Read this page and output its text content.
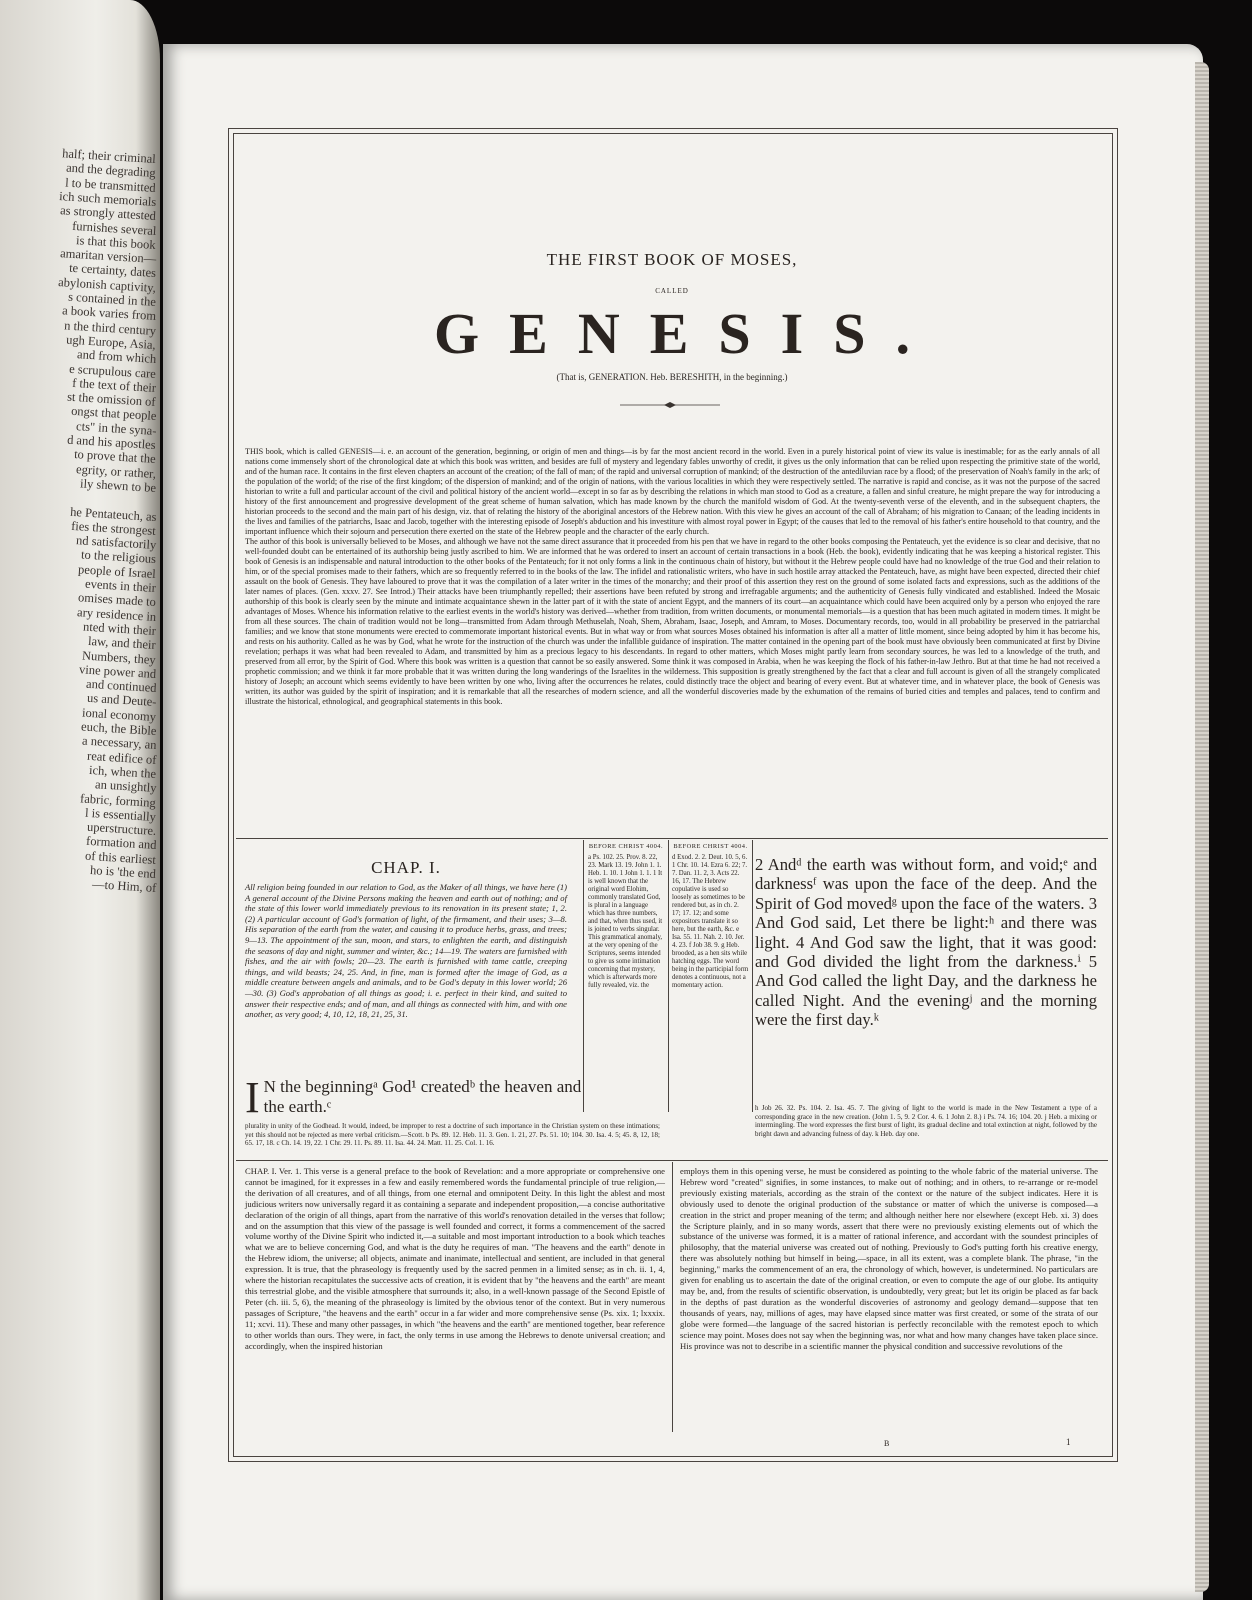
half; their criminal
and the degrading
l to be transmitted
ich such memorials
as strongly attested
furnishes several
is that this book
amaritan version—
te certainty, dates
abylonish captivity,
s contained in the
a book varies from
n the third century
ugh Europe, Asia,
and from which
e scrupulous care
f the text of their
st the omission of
ongst that people
cts" in the syna-
d and his apostles
to prove that the
egrity, or rather,
ily shewn to be
he Pentateuch, as
fies the strongest
nd satisfactorily
to the religious
people of Israel
events in their
omises made to
ary residence in
nted with their
law, and their
Numbers, they
vine power and
and continued
us and Deute-
ional economy
euch, the Bible
a necessary, an
reat edifice of
ich, when the
an unsightly
fabric, forming
l is essentially
uperstructure.
formation and
of this earliest
ho is 'the end
—to Him, of
THE FIRST BOOK OF MOSES,
CALLED
GENESIS.
(That is, GENERATION. Heb. BERESHITH, in the beginning.)

THIS book, which is called GENESIS—i. e. an account of the generation, beginning, or origin of men and things—is by far the most ancient record in the world. Even in a purely historical point of view its value is inestimable; for as the early annals of all nations come immensely short of the chronological date at which this book was written, and besides are full of mystery and legendary fables unworthy of credit, it gives us the only information that can be relied upon respecting the primitive state of the world, and of the human race. It contains in the first eleven chapters an account of the creation; of the fall of man; of the rapid and universal corruption of mankind; of the destruction of the antediluvian race by a flood; of the preservation of Noah's family in the ark; of the population of the world; of the rise of the first kingdom; of the dispersion of mankind; and of the origin of nations, with the various localities in which they were respectively settled. The narrative is rapid and concise, as it was not the purpose of the sacred historian to write a full and particular account of the civil and political history of the ancient world—except in so far as by describing the relations in which man stood to God as a creature, a fallen and sinful creature, he might prepare the way for introducing a history of the first announcement and progressive development of the great scheme of human salvation, which has made known by the church the manifold wisdom of God. At the twenty-seventh verse of the eleventh, and in the subsequent chapters, the historian proceeds to the second and the main part of his design, viz. that of relating the history of the aboriginal ancestors of the Hebrew nation. With this view he gives an account of the call of Abraham; of his migration to Canaan; of the leading incidents in the lives and families of the patriarchs, Isaac and Jacob, together with the interesting episode of Joseph's abduction and his investiture with almost royal power in Egypt; of the causes that led to the removal of his father's entire household to that country, and the important influence which their sojourn and persecution there exerted on the state of the Hebrew people and the character of the early church.

The author of this book is universally believed to be Moses, and although we have not the same direct assurance that it proceeded from his pen that we have in regard to the other books composing the Pentateuch, yet the evidence is so clear and decisive, that no well-founded doubt can be entertained of its authorship being justly ascribed to him. We are informed that he was ordered to insert an account of certain transactions in a book (Heb. the book), evidently indicating that he was keeping a historical register. This book of Genesis is an indispensable and natural introduction to the other books of the Pentateuch; for it not only forms a link in the continuous chain of history, but without it the Hebrew people could have had no knowledge of the true God and their relation to him, or of the special promises made to their fathers, which are so frequently referred to in the books of the law. The infidel and rationalistic writers, who have in such hostile array attacked the Pentateuch, have, as might have been expected, directed their chief assault on the book of Genesis. They have laboured to prove that it was the compilation of a later writer in the times of the monarchy; and their proof of this assertion they rest on the ground of some isolated facts and expressions, such as the additions of the later names of places. (Gen. xxxv. 27. See Introd.) Their attacks have been triumphantly repelled; their assertions have been refuted by strong and irrefragable arguments; and the authenticity of Genesis fully vindicated and established. Indeed the Mosaic authorship of this book is clearly seen by the minute and intimate acquaintance shewn in the latter part of it with the state of ancient Egypt, and the manners of its court—an acquaintance which could have been acquired only by a person who enjoyed the rare advantages of Moses. Whence his information relative to the earliest events in the world's history was derived—whether from tradition, from written documents, or monumental memorials—is a question that has been much agitated in modern times. It might be from all these sources. The chain of tradition would not be long—transmitted from Adam through Methuselah, Noah, Shem, Abraham, Isaac, Joseph, and Amram, to Moses. Documentary records, too, would in all probability be preserved in the patriarchal families; and we know that stone monuments were erected to commemorate important historical events. But in what way or from what sources Moses obtained his information is after all a matter of little moment, since being adopted by him it has become his, and rests on his authority. Called as he was by God, what he wrote for the instruction of the church was under the infallible guidance of inspiration. The matter contained in the opening part of the book must have obviously been communicated at first by Divine revelation; perhaps it was what had been revealed to Adam, and transmitted by him as a precious legacy to his descendants. In regard to other matters, which Moses might partly learn from secondary sources, he was led to a knowledge of the truth, and preserved from all error, by the Spirit of God. Where this book was written is a question that cannot be so easily answered. Some think it was composed in Arabia, when he was keeping the flock of his father-in-law Jethro. But at that time he had not received a prophetic commission; and we think it far more probable that it was written during the long wanderings of the Israelites in the wilderness. This supposition is greatly strengthened by the fact that a clear and full account is given of all the strangely complicated history of Joseph; an account which seems evidently to have been written by one who, living after the occurrences he relates, could distinctly trace the object and bearing of every event. But at whatever time, and in whatever place, the book of Genesis was written, its author was guided by the spirit of inspiration; and it is remarkable that all the researches of modern science, and all the wonderful discoveries made by the exhumation of the remains of buried cities and temples and palaces, tend to confirm and illustrate the historical, ethnological, and geographical statements in this book.

CHAP. I.
All religion being founded in our relation to God, as the Maker of all things, we have here (1) A general account of the Divine Persons making the heaven and earth out of nothing; and of the state of this lower world immediately previous to its renovation in its present state; 1, 2. (2) A particular account of God's formation of light, of the firmament, and their uses; 3—8. His separation of the earth from the water, and causing it to produce herbs, grass, and trees; 9—13. The appointment of the sun, moon, and stars, to enlighten the earth, and distinguish the seasons of day and night, summer and winter, &c.; 14—19. The waters are furnished with fishes, and the air with fowls; 20—23. The earth is furnished with tame cattle, creeping things, and wild beasts; 24, 25. And, in fine, man is formed after the image of God, as a middle creature between angels and animals, and to be God's deputy in this lower world; 26—30. (3) God's approbation of all things as good; i. e. perfect in their kind, and suited to answer their respective ends; and of man, and all things as connected with him, and with one another, as very good; 4, 10, 12, 18, 21, 25, 31.
I N the beginningᵃ God¹ createdᵇ the heaven and the earth.ᶜ
plurality in unity of the Godhead. It would, indeed, be improper to rest a doctrine of such importance in the Christian system on these intimations; yet this should not be rejected as mere verbal criticism.—Scott. b Ps. 89. 12. Heb. 11. 3. Gen. 1. 21, 27. Ps. 51. 10; 104. 30. Isa. 4. 5; 45. 8, 12, 18; 65. 17, 18. c Ch. 14. 19, 22. 1 Chr. 29. 11. Ps. 89. 11. Isa. 44. 24. Matt. 11. 25. Col. 1. 16.
BEFORE CHRIST 4004.
a Ps. 102. 25. Prov. 8. 22, 23. Mark 13. 19. John 1. 1. Heb. 1. 10. 1 John 1. 1. 1 It is well known that the original word Elohim, commonly translated God, is plural in a language which has three numbers, and that, when thus used, it is joined to verbs singular. This grammatical anomaly, at the very opening of the Scriptures, seems intended to give us some intimation concerning that mystery, which is afterwards more fully revealed, viz. the
BEFORE CHRIST 4004.
d Exod. 2. 2. Deut. 10. 5, 6. 1 Chr. 10. 14. Ezra 6. 22; 7. 7. Dan. 11. 2, 3. Acts 22. 16, 17. The Hebrew copulative is used so loosely as sometimes to be rendered but, as in ch. 2. 17; 17. 12; and some expositors translate it so here, but the earth, &c. e Isa. 55. 11. Nah. 2. 10. Jer. 4. 23. f Job 38. 9. g Heb. brooded, as a hen sits while hatching eggs. The word being in the participial form denotes a continuous, not a momentary action.
2 Andᵈ the earth was without form, and void;ᵉ and darknessᶠ was upon the face of the deep. And the Spirit of God movedᵍ upon the face of the waters. 3 And God said, Let there be light:ʰ and there was light. 4 And God saw the light, that it was good: and God divided the light from the darkness.ⁱ 5 And God called the light Day, and the darkness he called Night. And the eveningʲ and the morning were the first day.ᵏ
h Job 26. 32. Ps. 104. 2. Isa. 45. 7. The giving of light to the world is made in the New Testament a type of a corresponding grace in the new creation. (John 1. 5, 9. 2 Cor. 4. 6. 1 John 2. 8.) i Ps. 74. 16; 104. 20. j Heb. a mixing or intermingling. The word expresses the first burst of light, its gradual decline and total extinction at night, followed by the bright dawn and advancing fulness of day. k Heb. day one.
CHAP. I. Ver. 1. This verse is a general preface to the book of Revelation: and a more appropriate or comprehensive one cannot be imagined, for it expresses in a few and easily remembered words the fundamental principle of true religion,—the derivation of all creatures, and of all things, from one eternal and omnipotent Deity. In this light the ablest and most judicious writers now universally regard it as containing a separate and independent proposition,—a concise authoritative declaration of the origin of all things, apart from the narrative of this world's renovation detailed in the verses that follow; and on the assumption that this view of the passage is well founded and correct, it forms a commencement of the sacred volume worthy of the Divine Spirit who indicted it,—a suitable and most important introduction to a book which teaches what we are to believe concerning God, and what is the duty he requires of man. "The heavens and the earth" denote in the Hebrew idiom, the universe; all objects, animate and inanimate, intellectual and sentient, are included in that general expression. It is true, that the phraseology is frequently used by the sacred penmen in a limited sense; as in ch. ii. 1, 4, where the historian recapitulates the successive acts of creation, it is evident that by "the heavens and the earth" are meant this terrestrial globe, and the visible atmosphere that surrounds it; also, in a well-known passage of the Second Epistle of Peter (ch. iii. 5, 6), the meaning of the phraseology is limited by the obvious tenor of the context. But in very numerous passages of Scripture, "the heavens and the earth" occur in a far wider and more comprehensive sense (Ps. xix. 1; lxxxix. 11; xcvi. 11). These and many other passages, in which "the heavens and the earth" are mentioned together, bear reference to other worlds than ours. They were, in fact, the only terms in use among the Hebrews to denote universal creation; and accordingly, when the inspired historian
employs them in this opening verse, he must be considered as pointing to the whole fabric of the material universe. The Hebrew word "created" signifies, in some instances, to make out of nothing; and in others, to re-arrange or re-model previously existing materials, according as the strain of the context or the nature of the subject indicates. Here it is obviously used to denote the original production of the substance or matter of which the universe is composed—a creation in the strict and proper meaning of the term; and although neither here nor elsewhere (except Heb. xi. 3) does the Scripture plainly, and in so many words, assert that there were no previously existing elements out of which the substance of the universe was formed, it is a matter of rational inference, and accordant with the soundest principles of philosophy, that the material universe was created out of nothing. Previously to God's putting forth his creative energy, there was absolutely nothing but himself in being,—space, in all its extent, was a complete blank. The phrase, "in the beginning," marks the commencement of an era, the chronology of which, however, is undetermined. No particulars are given for enabling us to ascertain the date of the original creation, or even to compute the age of our globe. Its antiquity may be, and, from the results of scientific observation, is undoubtedly, very great; but let its origin be placed as far back in the depths of past duration as the wonderful discoveries of astronomy and geology demand—suppose that ten thousands of years, nay, millions of ages, may have elapsed since matter was first created, or some of the strata of our globe were formed—the language of the sacred historian is perfectly reconcilable with the remotest epoch to which science may point. Moses does not say when the beginning was, nor what and how many changes have taken place since. His province was not to describe in a scientific manner the physical condition and successive revolutions of the
B	1
